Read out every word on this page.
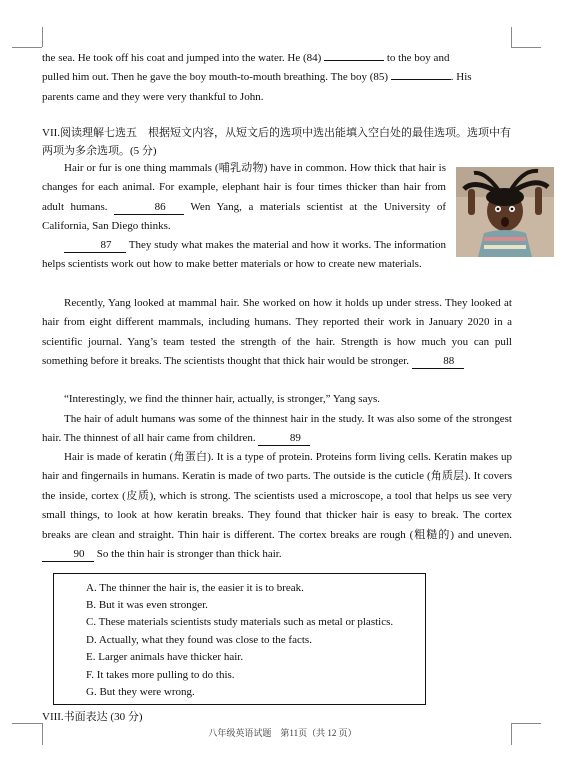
the sea. He took off his coat and jumped into the water. He (84)	to the boy and
pulled him out. Then he gave the boy mouth-to-mouth breathing. The boy (85)	. His
parents came and they were very thankful to John.

VII.阅读理解七选五　根据短文内容，从短文后的选项中选出能填入空白处的最佳选项。选项中有两项为多余选项。(5 分)

Hair or fur is one thing mammals (哺乳动物) have in common. How thick that hair is changes for each animal. For example, elephant hair is four times thicker than hair from adult humans.	86 Wen Yang, a materials scientist at the University of California, San Diego thinks.

87 They study what makes the material and how it works. The information helps scientists work out how to make better materials or how to create new materials.

Recently, Yang looked at mammal hair. She worked on how it holds up under stress. They looked at hair from eight different mammals, including humans. They reported their work in January 2020 in a scientific journal. Yang’s team tested the strength of the hair. Strength is how much you can pull something before it breaks. The scientists thought that thick hair would be stronger.	88

“Interestingly, we find the thinner hair, actually, is stronger,” Yang says.

The hair of adult humans was some of the thinnest hair in the study. It was also some of the strongest hair. The thinnest of all hair came from children.	89

Hair is made of keratin (角蛋白). It is a type of protein. Proteins form living cells. Keratin makes up hair and fingernails in humans. Keratin is made of two parts. The outside is the cuticle (角质层). It covers the inside, cortex (皮质), which is strong. The scientists used a microscope, a tool that helps us see very small things, to look at how keratin breaks. They found that thicker hair is easy to break. The cortex breaks are clean and straight. Thin hair is different. The cortex breaks are rough (粗糙的) and uneven. 90 So the thin hair is stronger than thick hair.

A. The thinner the hair is, the easier it is to break.
B. But it was even stronger.
C. These materials scientists study materials such as metal or plastics.
D. Actually, what they found was close to the facts.
E. Larger animals have thicker hair.
F. It takes more pulling to do this.
G. But they were wrong.

VIII.书面表达 (30 分)

八年级英语试题　第11页（共 12 页）
